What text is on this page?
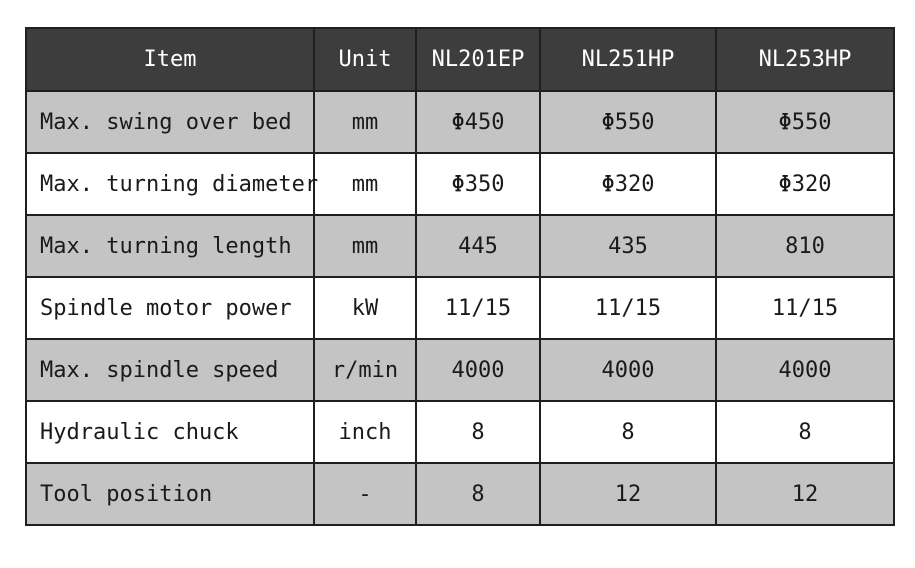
Item	Unit	NL201EP	NL251HP	NL253HP
Max. swing over bed	mm	Φ450	Φ550	Φ550
Max. turning diameter	mm	Φ350	Φ320	Φ320
Max. turning length	mm	445	435	810
Spindle motor power	kW	11/15	11/15	11/15
Max. spindle speed	r/min	4000	4000	4000
Hydraulic chuck	inch	8	8	8
Tool position	-	8	12	12
